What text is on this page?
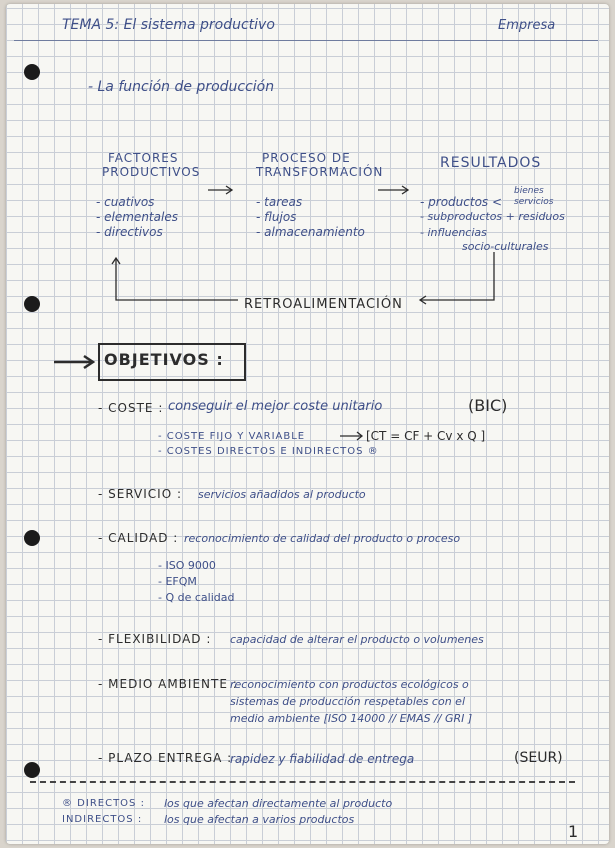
TEMA 5: El sistema productivo	Empresa
- La función de producción
FACTORES
PRODUCTIVOS
- cuativos
- elementales
- directivos
PROCESO DE
TRANSFORMACIÓN
- tareas
- flujos
- almacenamiento
RESULTADOS
- productos <
bienes
servicios
- subproductos + residuos
- influencias
socio-culturales
RETROALIMENTACIÓN
OBJETIVOS :
- COSTE : conseguir el mejor coste unitario	(BIC)
- COSTE FIJO Y VARIABLE	[CT = CF + Cv x Q ]
- COSTES DIRECTOS E INDIRECTOS ®
- SERVICIO : servicios añadidos al producto
- CALIDAD : reconocimiento de calidad del producto o proceso
- ISO 9000
- EFQM
- Q de calidad
- FLEXIBILIDAD : capacidad de alterar el producto o volumenes
- MEDIO AMBIENTE :
reconocimiento con productos ecológicos o
sistemas de producción respetables con el
medio ambiente [ISO 14000 // EMAS // GRI ]
- PLAZO ENTREGA :
rapidez y fiabilidad de entrega	(SEUR)
® DIRECTOS : los que afectan directamente al producto
INDIRECTOS : los que afectan a varios productos
1
